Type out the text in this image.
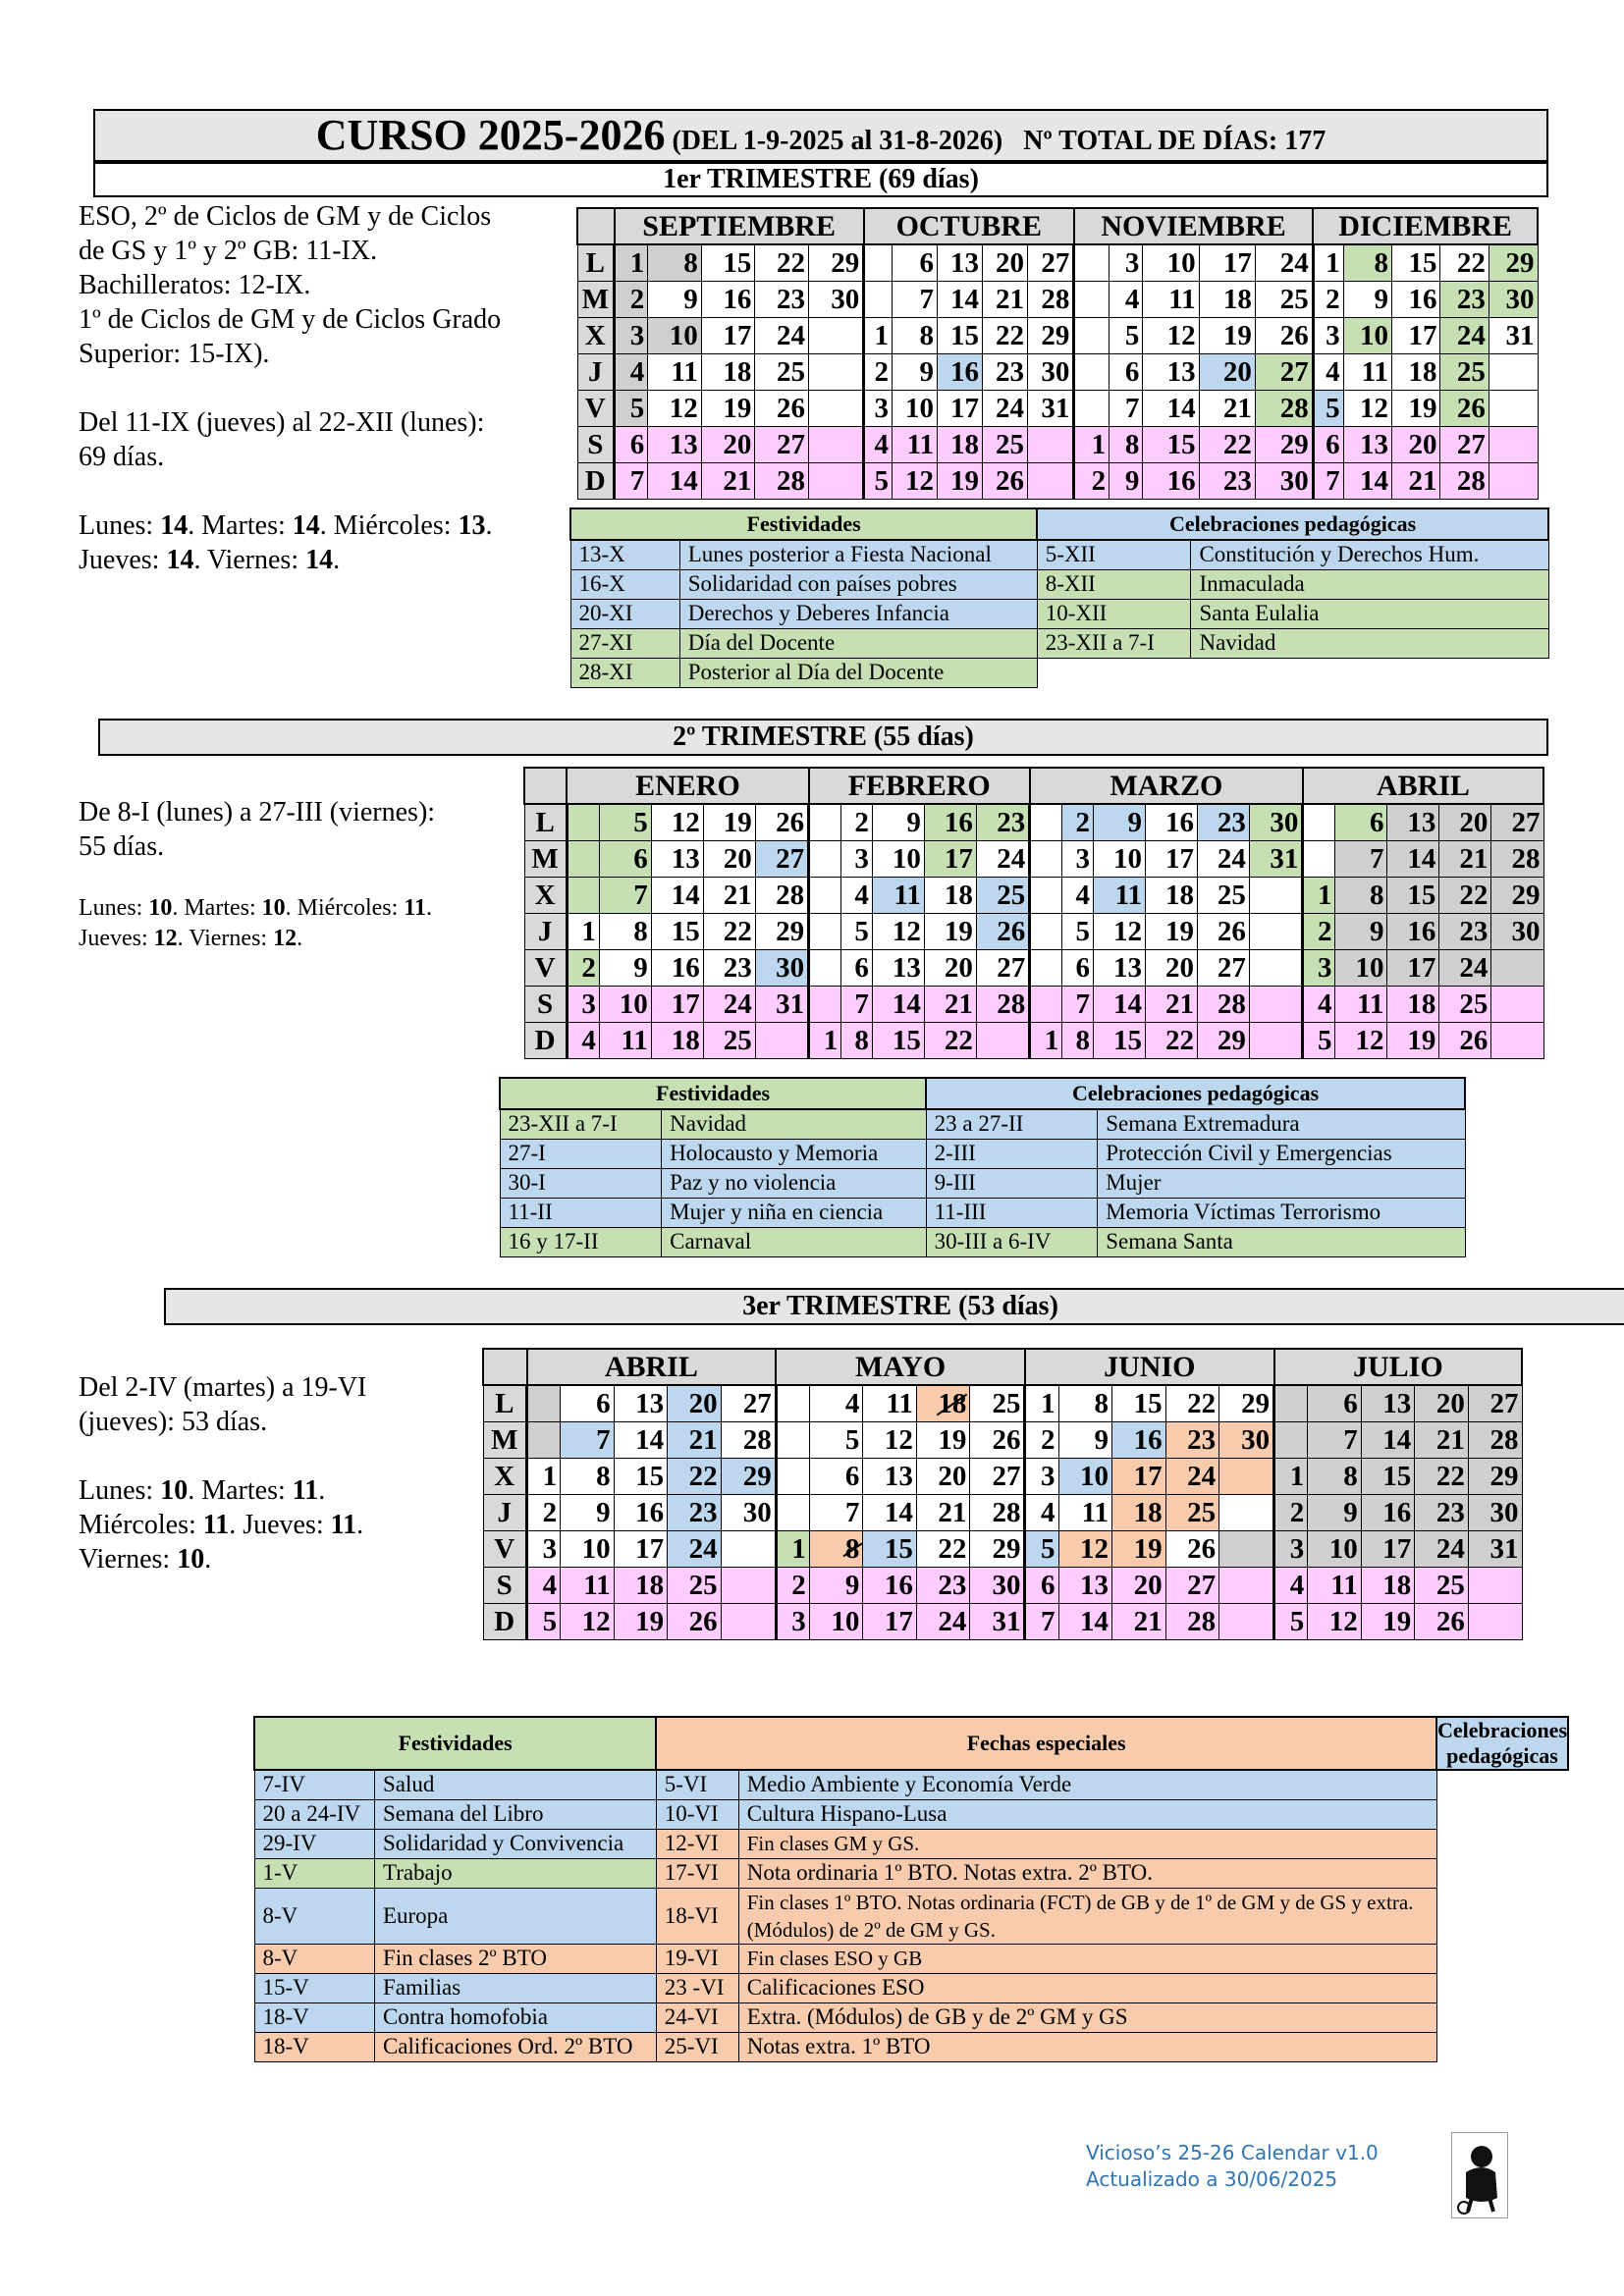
CURSO 2025-2026 (DEL 1-9-2025 al 31-8-2026) Nº TOTAL DE DÍAS: 177
1er TRIMESTRE (69 días)
ESO, 2º de Ciclos de GM y de Ciclos
de GS y 1º y 2º GB: 11-IX.
Bachilleratos: 12-IX.
1º de Ciclos de GM y de Ciclos Grado
Superior: 15-IX).

Del 11-IX (jueves) al 22-XII (lunes):
69 días.

Lunes: 14. Martes: 14. Miércoles: 13.
Jueves: 14. Viernes: 14.
	SEPTIEMBRE					OCTUBRE					NOVIEMBRE					DICIEMBRE				
L	1	8	15	22	29		6	13	20	27		3	10	17	24	1	8	15	22	29
M	2	9	16	23	30		7	14	21	28		4	11	18	25	2	9	16	23	30
X	3	10	17	24		1	8	15	22	29		5	12	19	26	3	10	17	24	31
J	4	11	18	25		2	9	16	23	30		6	13	20	27	4	11	18	25	
V	5	12	19	26		3	10	17	24	31		7	14	21	28	5	12	19	26	
S	6	13	20	27		4	11	18	25		1	8	15	22	29	6	13	20	27	
D	7	14	21	28		5	12	19	26		2	9	16	23	30	7	14	21	28	
Festividades		Celebraciones pedagógicas	
13-X	Lunes posterior a Fiesta Nacional	5-XII	Constitución y Derechos Hum.
16-X	Solidaridad con países pobres	8-XII	Inmaculada
20-XI	Derechos y Deberes Infancia	10-XII	Santa Eulalia
27-XI	Día del Docente	23-XII a 7-I	Navidad
28-XI	Posterior al Día del Docente		
2º TRIMESTRE (55 días)
De 8-I (lunes) a 27-III (viernes):
55 días.
Lunes: 10. Martes: 10. Miércoles: 11.
Jueves: 12. Viernes: 12.
	ENERO					FEBRERO					MARZO						ABRIL				
L		5	12	19	26		2	9	16	23		2	9	16	23	30		6	13	20	27
M		6	13	20	27		3	10	17	24		3	10	17	24	31		7	14	21	28
X		7	14	21	28		4	11	18	25		4	11	18	25		1	8	15	22	29
J	1	8	15	22	29		5	12	19	26		5	12	19	26		2	9	16	23	30
V	2	9	16	23	30		6	13	20	27		6	13	20	27		3	10	17	24	
S	3	10	17	24	31		7	14	21	28		7	14	21	28		4	11	18	25	
D	4	11	18	25		1	8	15	22		1	8	15	22	29		5	12	19	26	
Festividades		Celebraciones pedagógicas	
23-XII a 7-I	Navidad	23 a 27-II	Semana Extremadura
27-I	Holocausto y Memoria	2-III	Protección Civil y Emergencias
30-I	Paz y no violencia	9-III	Mujer
11-II	Mujer y niña en ciencia	11-III	Memoria Víctimas Terrorismo
16 y 17-II	Carnaval	30-III a 6-IV	Semana Santa
3er TRIMESTRE (53 días)
Del 2-IV (martes) a 19-VI
(jueves): 53 días.

Lunes: 10. Martes: 11.
Miércoles: 11. Jueves: 11.
Viernes: 10.
	ABRIL					MAYO					JUNIO					JULIO				
L		6	13	20	27		4	11	18	25	1	8	15	22	29		6	13	20	27
M		7	14	21	28		5	12	19	26	2	9	16	23	30		7	14	21	28
X	1	8	15	22	29		6	13	20	27	3	10	17	24		1	8	15	22	29
J	2	9	16	23	30		7	14	21	28	4	11	18	25		2	9	16	23	30
V	3	10	17	24		1	8	15	22	29	5	12	19	26		3	10	17	24	31
S	4	11	18	25		2	9	16	23	30	6	13	20	27		4	11	18	25	
D	5	12	19	26		3	10	17	24	31	7	14	21	28		5	12	19	26	
Festividades		Fechas especiales		Celebraciones pedagógicas
7-IV	Salud	5-VI	Medio Ambiente y Economía Verde	
20 a 24-IV	Semana del Libro	10-VI	Cultura Hispano-Lusa	
29-IV	Solidaridad y Convivencia	12-VI	Fin clases GM y GS.	
1-V	Trabajo	17-VI	Nota ordinaria 1º BTO. Notas extra. 2º BTO.	
8-V	Europa	18-VI	Fin clases 1º BTO. Notas ordinaria (FCT) de GB y de 1º de GM y de GS y extra. (Módulos) de 2º de GM y GS.	
8-V	Fin clases 2º BTO	19-VI	Fin clases ESO y GB	
15-V	Familias	23 -VI	Calificaciones ESO	
18-V	Contra homofobia	24-VI	Extra. (Módulos) de GB y de 2º GM y GS	
18-V	Calificaciones Ord. 2º BTO	25-VI	Notas extra. 1º BTO	
Vicioso’s 25-26 Calendar v1.0
Actualizado a 30/06/2025
